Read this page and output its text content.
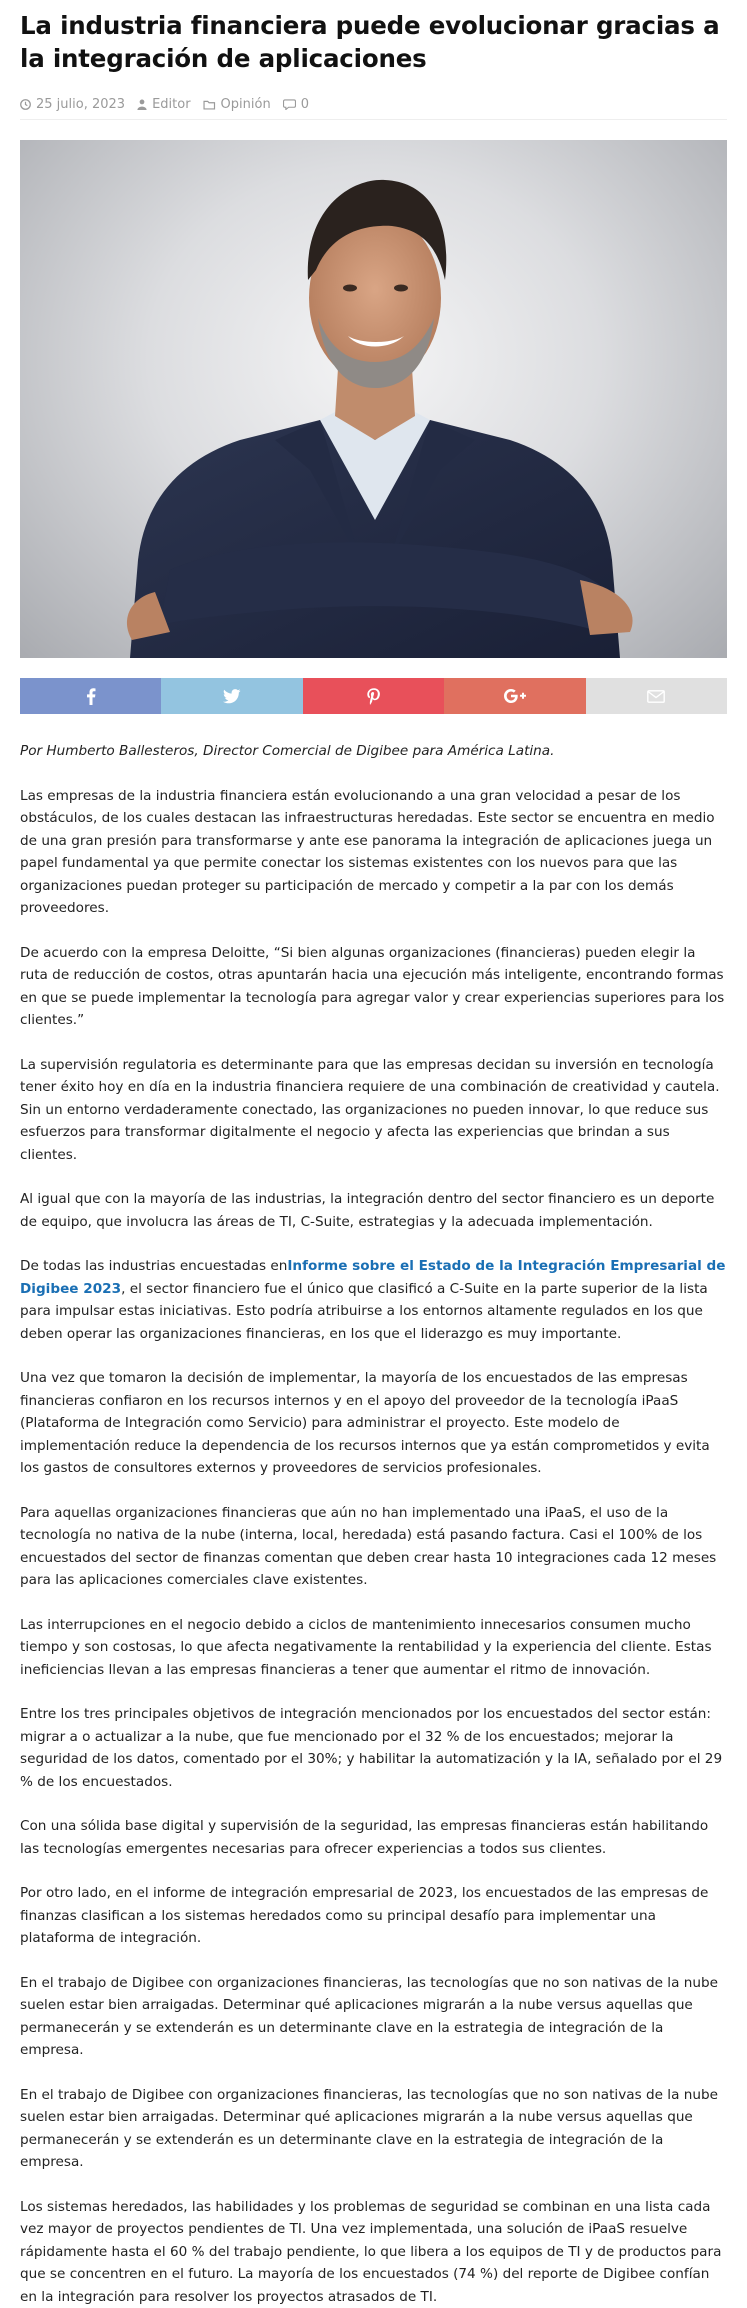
La industria financiera puede evolucionar gracias a la integración de aplicaciones
25 julio, 2023 Editor Opinión 0

Por Humberto Ballesteros, Director Comercial de Digibee para América Latina.

Las empresas de la industria financiera están evolucionando a una gran velocidad a pesar de los obstáculos, de los cuales destacan las infraestructuras heredadas. Este sector se encuentra en medio de una gran presión para transformarse y ante ese panorama la integración de aplicaciones juega un papel fundamental ya que permite conectar los sistemas existentes con los nuevos para que las organizaciones puedan proteger su participación de mercado y competir a la par con los demás proveedores.

De acuerdo con la empresa Deloitte, “Si bien algunas organizaciones (financieras) pueden elegir la ruta de reducción de costos, otras apuntarán hacia una ejecución más inteligente, encontrando formas en que se puede implementar la tecnología para agregar valor y crear experiencias superiores para los clientes.”

La supervisión regulatoria es determinante para que las empresas decidan su inversión en tecnología tener éxito hoy en día en la industria financiera requiere de una combinación de creatividad y cautela. Sin un entorno verdaderamente conectado, las organizaciones no pueden innovar, lo que reduce sus esfuerzos para transformar digitalmente el negocio y afecta las experiencias que brindan a sus clientes.

Al igual que con la mayoría de las industrias, la integración dentro del sector financiero es un deporte de equipo, que involucra las áreas de TI, C-Suite, estrategias y la adecuada implementación.

De todas las industrias encuestadas enInforme sobre el Estado de la Integración Empresarial de Digibee 2023, el sector financiero fue el único que clasificó a C-Suite en la parte superior de la lista para impulsar estas iniciativas. Esto podría atribuirse a los entornos altamente regulados en los que deben operar las organizaciones financieras, en los que el liderazgo es muy importante.

Una vez que tomaron la decisión de implementar, la mayoría de los encuestados de las empresas financieras confiaron en los recursos internos y en el apoyo del proveedor de la tecnología iPaaS (Plataforma de Integración como Servicio) para administrar el proyecto. Este modelo de implementación reduce la dependencia de los recursos internos que ya están comprometidos y evita los gastos de consultores externos y proveedores de servicios profesionales.

Para aquellas organizaciones financieras que aún no han implementado una iPaaS, el uso de la tecnología no nativa de la nube (interna, local, heredada) está pasando factura. Casi el 100% de los encuestados del sector de finanzas comentan que deben crear hasta 10 integraciones cada 12 meses para las aplicaciones comerciales clave existentes.

Las interrupciones en el negocio debido a ciclos de mantenimiento innecesarios consumen mucho tiempo y son costosas, lo que afecta negativamente la rentabilidad y la experiencia del cliente. Estas ineficiencias llevan a las empresas financieras a tener que aumentar el ritmo de innovación.

Entre los tres principales objetivos de integración mencionados por los encuestados del sector están: migrar a o actualizar a la nube, que fue mencionado por el 32 % de los encuestados; mejorar la seguridad de los datos, comentado por el 30%; y habilitar la automatización y la IA, señalado por el 29 % de los encuestados.

Con una sólida base digital y supervisión de la seguridad, las empresas financieras están habilitando las tecnologías emergentes necesarias para ofrecer experiencias a todos sus clientes.

Por otro lado, en el informe de integración empresarial de 2023, los encuestados de las empresas de finanzas clasifican a los sistemas heredados como su principal desafío para implementar una plataforma de integración.

En el trabajo de Digibee con organizaciones financieras, las tecnologías que no son nativas de la nube suelen estar bien arraigadas. Determinar qué aplicaciones migrarán a la nube versus aquellas que permanecerán y se extenderán es un determinante clave en la estrategia de integración de la empresa.

En el trabajo de Digibee con organizaciones financieras, las tecnologías que no son nativas de la nube suelen estar bien arraigadas. Determinar qué aplicaciones migrarán a la nube versus aquellas que permanecerán y se extenderán es un determinante clave en la estrategia de integración de la empresa.

Los sistemas heredados, las habilidades y los problemas de seguridad se combinan en una lista cada vez mayor de proyectos pendientes de TI. Una vez implementada, una solución de iPaaS resuelve rápidamente hasta el 60 % del trabajo pendiente, lo que libera a los equipos de TI y de productos para que se concentren en el futuro. La mayoría de los encuestados (74 %) del reporte de Digibee confían en la integración para resolver los proyectos atrasados de TI.
